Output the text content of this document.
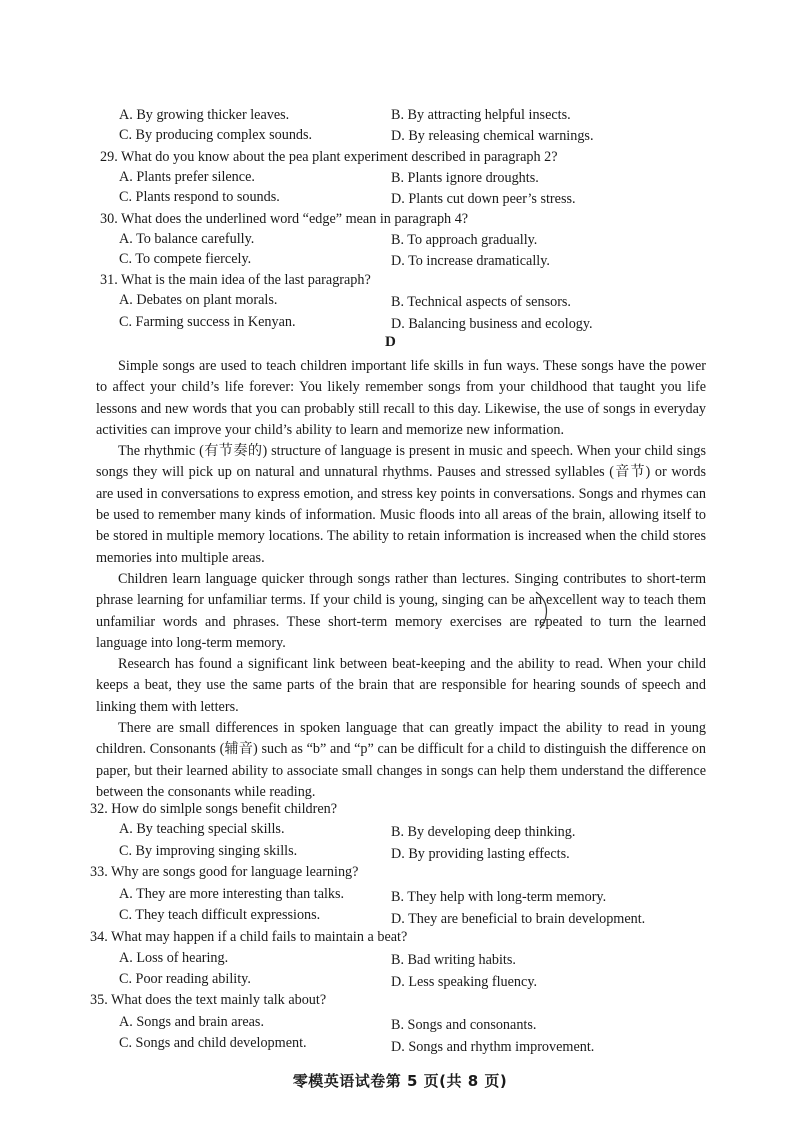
A. By growing thicker leaves.	B. By attracting helpful insects.
C. By producing complex sounds.	D. By releasing chemical warnings.
29. What do you know about the pea plant experiment described in paragraph 2?
A. Plants prefer silence.	B. Plants ignore droughts.
C. Plants respond to sounds.	D. Plants cut down peer’s stress.
30. What does the underlined word “edge” mean in paragraph 4?
A. To balance carefully.	B. To approach gradually.
C. To compete fiercely.	D. To increase dramatically.
31. What is the main idea of the last paragraph?
A. Debates on plant morals.	B. Technical aspects of sensors.
C. Farming success in Kenyan.	D. Balancing business and ecology.
D

Simple songs are used to teach children important life skills in fun ways. These songs have the power to affect your child’s life forever: You likely remember songs from your childhood that taught you life lessons and new words that you can probably still recall to this day. Likewise, the use of songs in everyday activities can improve your child’s ability to learn and memorize new information.

The rhythmic (有节奏的) structure of language is present in music and speech. When your child sings songs they will pick up on natural and unnatural rhythms. Pauses and stressed syllables (音节) or words are used in conversations to express emotion, and stress key points in conversations. Songs and rhymes can be used to remember many kinds of information. Music floods into all areas of the brain, allowing itself to be stored in multiple memory locations. The ability to retain information is increased when the child stores memories into multiple areas.

Children learn language quicker through songs rather than lectures. Singing contributes to short-term phrase learning for unfamiliar terms. If your child is young, singing can be an excellent way to teach them unfamiliar words and phrases. These short-term memory exercises are repeated to turn the learned language into long-term memory.

Research has found a significant link between beat-keeping and the ability to read. When your child keeps a beat, they use the same parts of the brain that are responsible for hearing sounds of speech and linking them with letters.

There are small differences in spoken language that can greatly impact the ability to read in young children. Consonants (辅音) such as “b” and “p” can be difficult for a child to distinguish the difference on paper, but their learned ability to associate small changes in songs can help them understand the difference between the consonants while reading.

32. How do simlple songs benefit children?
A. By teaching special skills.	B. By developing deep thinking.
C. By improving singing skills.	D. By providing lasting effects.
33. Why are songs good for language learning?
A. They are more interesting than talks.	B. They help with long-term memory.
C. They teach difficult expressions.	D. They are beneficial to brain development.
34. What may happen if a child fails to maintain a beat?
A. Loss of hearing.	B. Bad writing habits.
C. Poor reading ability.	D. Less speaking fluency.
35. What does the text mainly talk about?
A. Songs and brain areas.	B. Songs and consonants.
C. Songs and child development.	D. Songs and rhythm improvement.
零模英语试卷第 5 页(共 8 页)
